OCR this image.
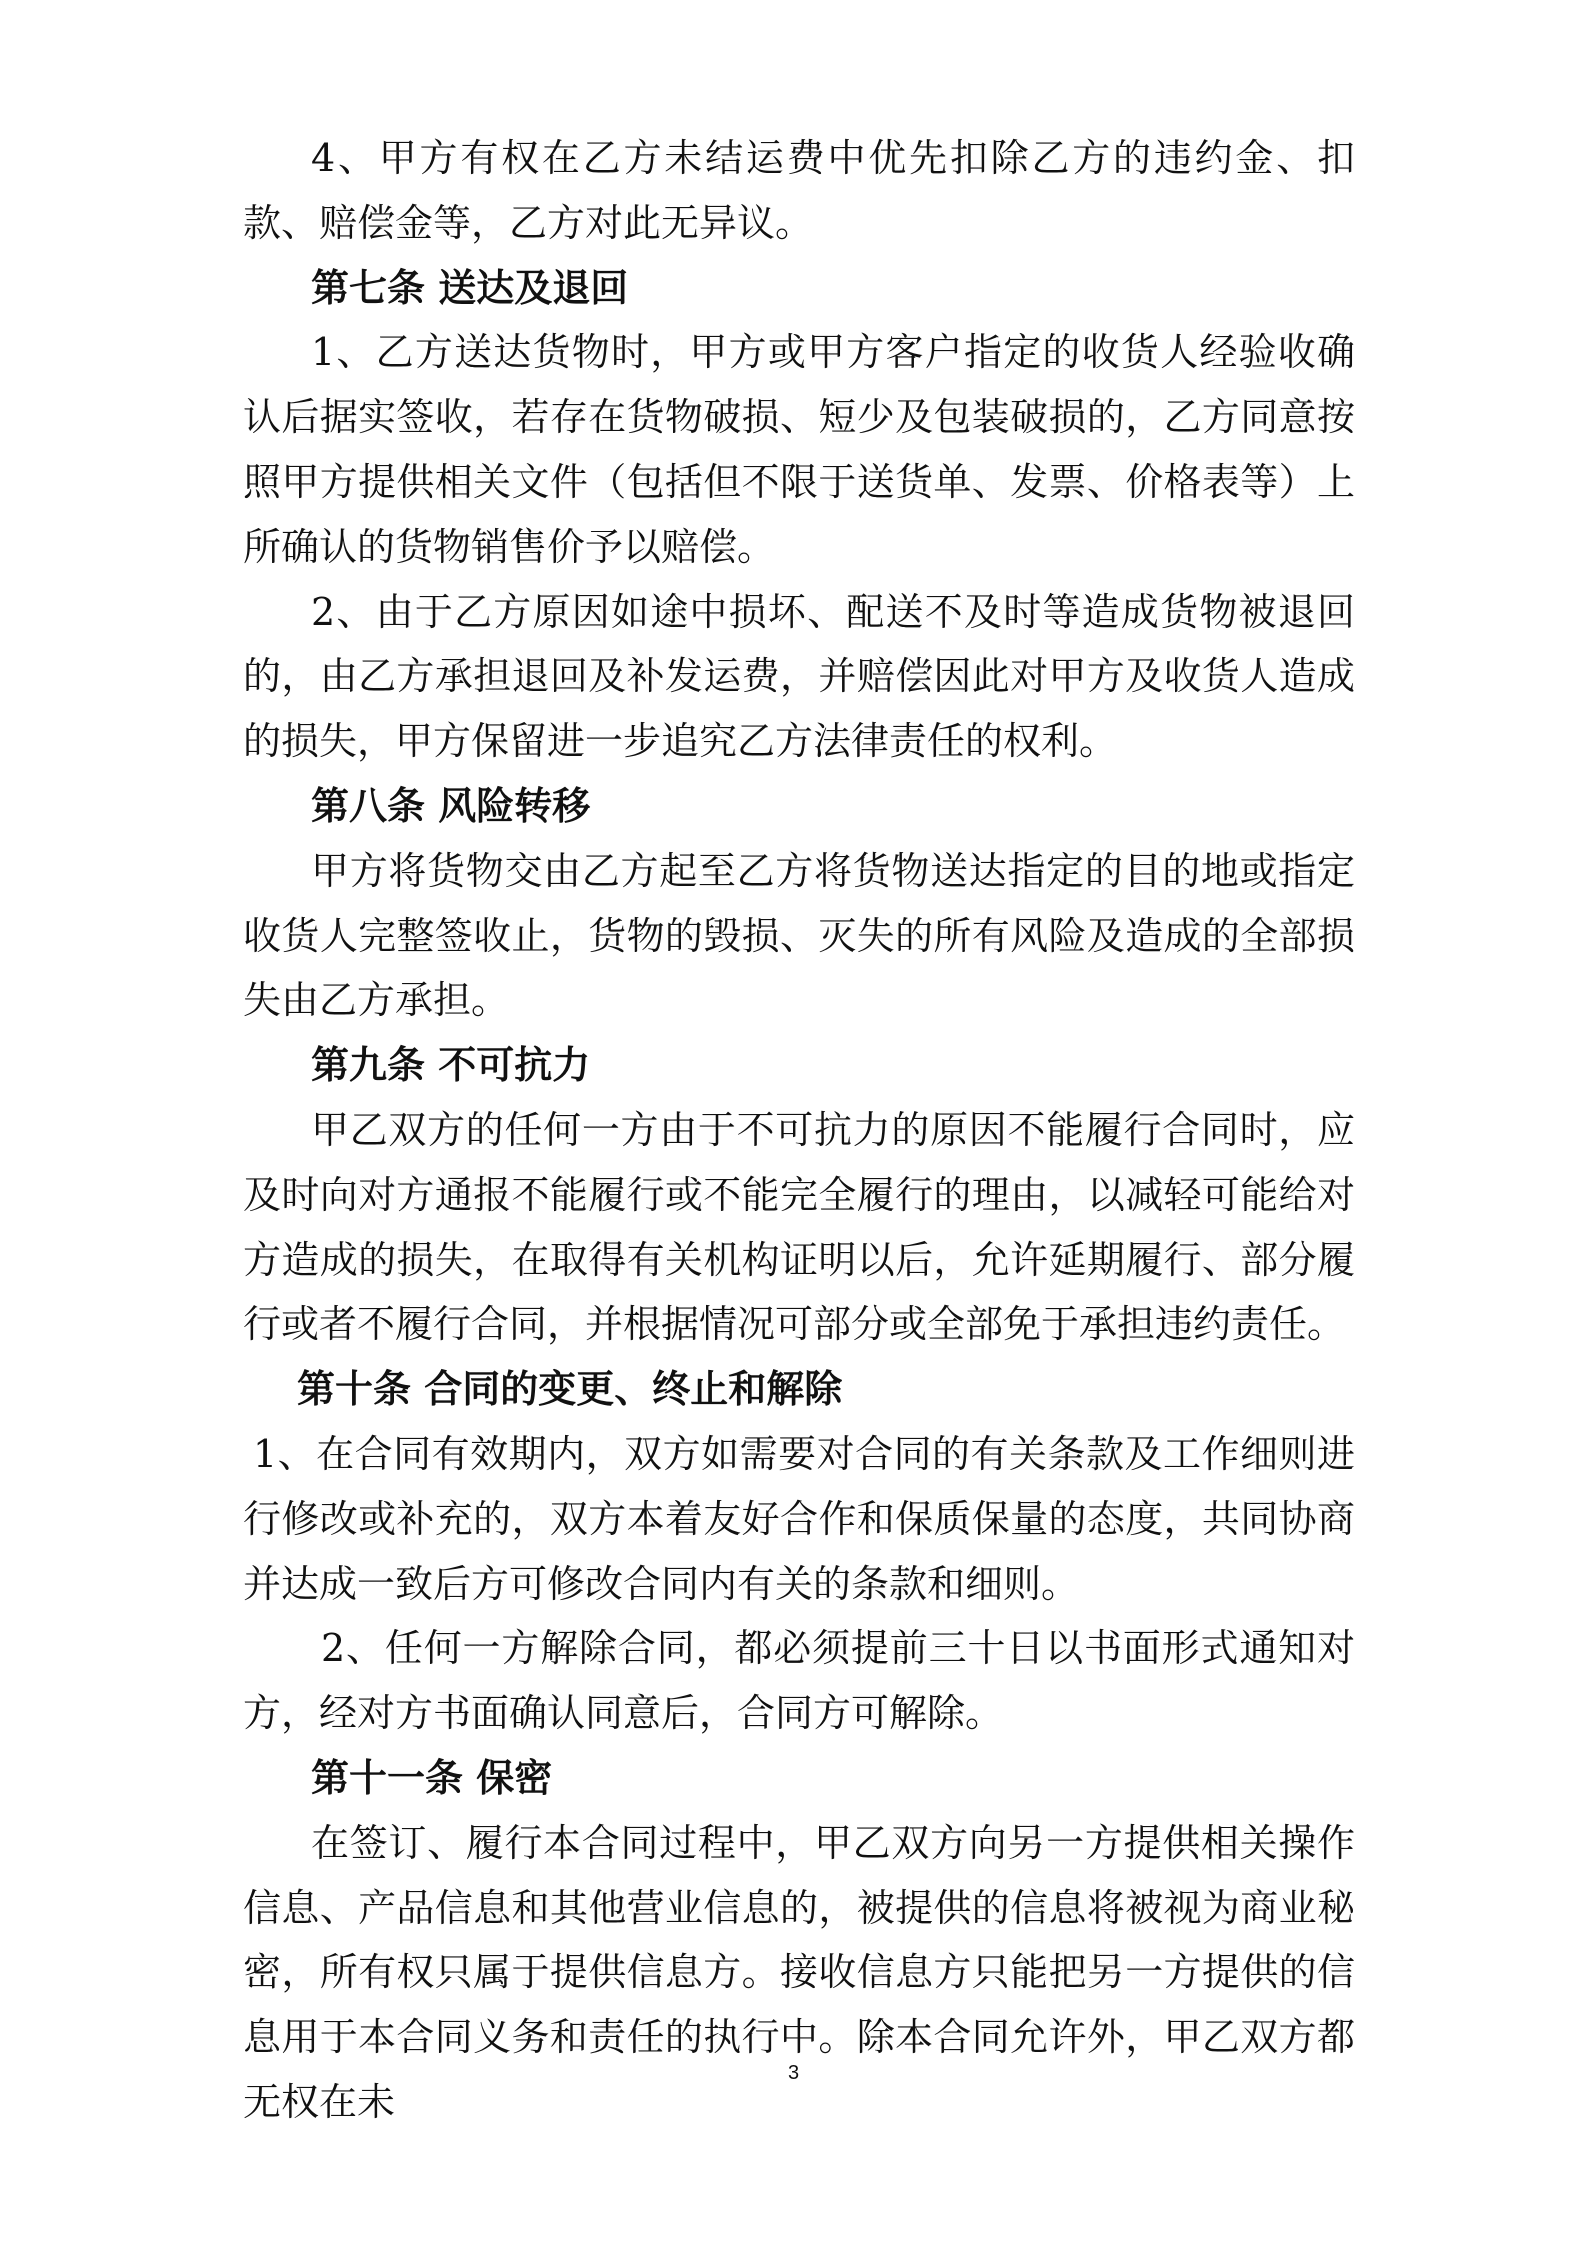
4、甲方有权在乙方未结运费中优先扣除乙方的违约金、扣款、赔偿金等，乙方对此无异议。

第七条 送达及退回

1、乙方送达货物时，甲方或甲方客户指定的收货人经验收确认后据实签收，若存在货物破损、短少及包装破损的，乙方同意按照甲方提供相关文件（包括但不限于送货单、发票、价格表等）上所确认的货物销售价予以赔偿。

2、由于乙方原因如途中损坏、配送不及时等造成货物被退回的，由乙方承担退回及补发运费，并赔偿因此对甲方及收货人造成的损失，甲方保留进一步追究乙方法律责任的权利。

第八条 风险转移

甲方将货物交由乙方起至乙方将货物送达指定的目的地或指定收货人完整签收止，货物的毁损、灭失的所有风险及造成的全部损失由乙方承担。

第九条 不可抗力

甲乙双方的任何一方由于不可抗力的原因不能履行合同时，应及时向对方通报不能履行或不能完全履行的理由，以减轻可能给对方造成的损失，在取得有关机构证明以后，允许延期履行、部分履行或者不履行合同，并根据情况可部分或全部免于承担违约责任。

第十条 合同的变更、终止和解除

1、在合同有效期内，双方如需要对合同的有关条款及工作细则进行修改或补充的，双方本着友好合作和保质保量的态度，共同协商并达成一致后方可修改合同内有关的条款和细则。

2、任何一方解除合同，都必须提前三十日以书面形式通知对方，经对方书面确认同意后，合同方可解除。

第十一条 保密

在签订、履行本合同过程中，甲乙双方向另一方提供相关操作信息、产品信息和其他营业信息的，被提供的信息将被视为商业秘密，所有权只属于提供信息方。接收信息方只能把另一方提供的信息用于本合同义务和责任的执行中。除本合同允许外，甲乙双方都无权在未

3
